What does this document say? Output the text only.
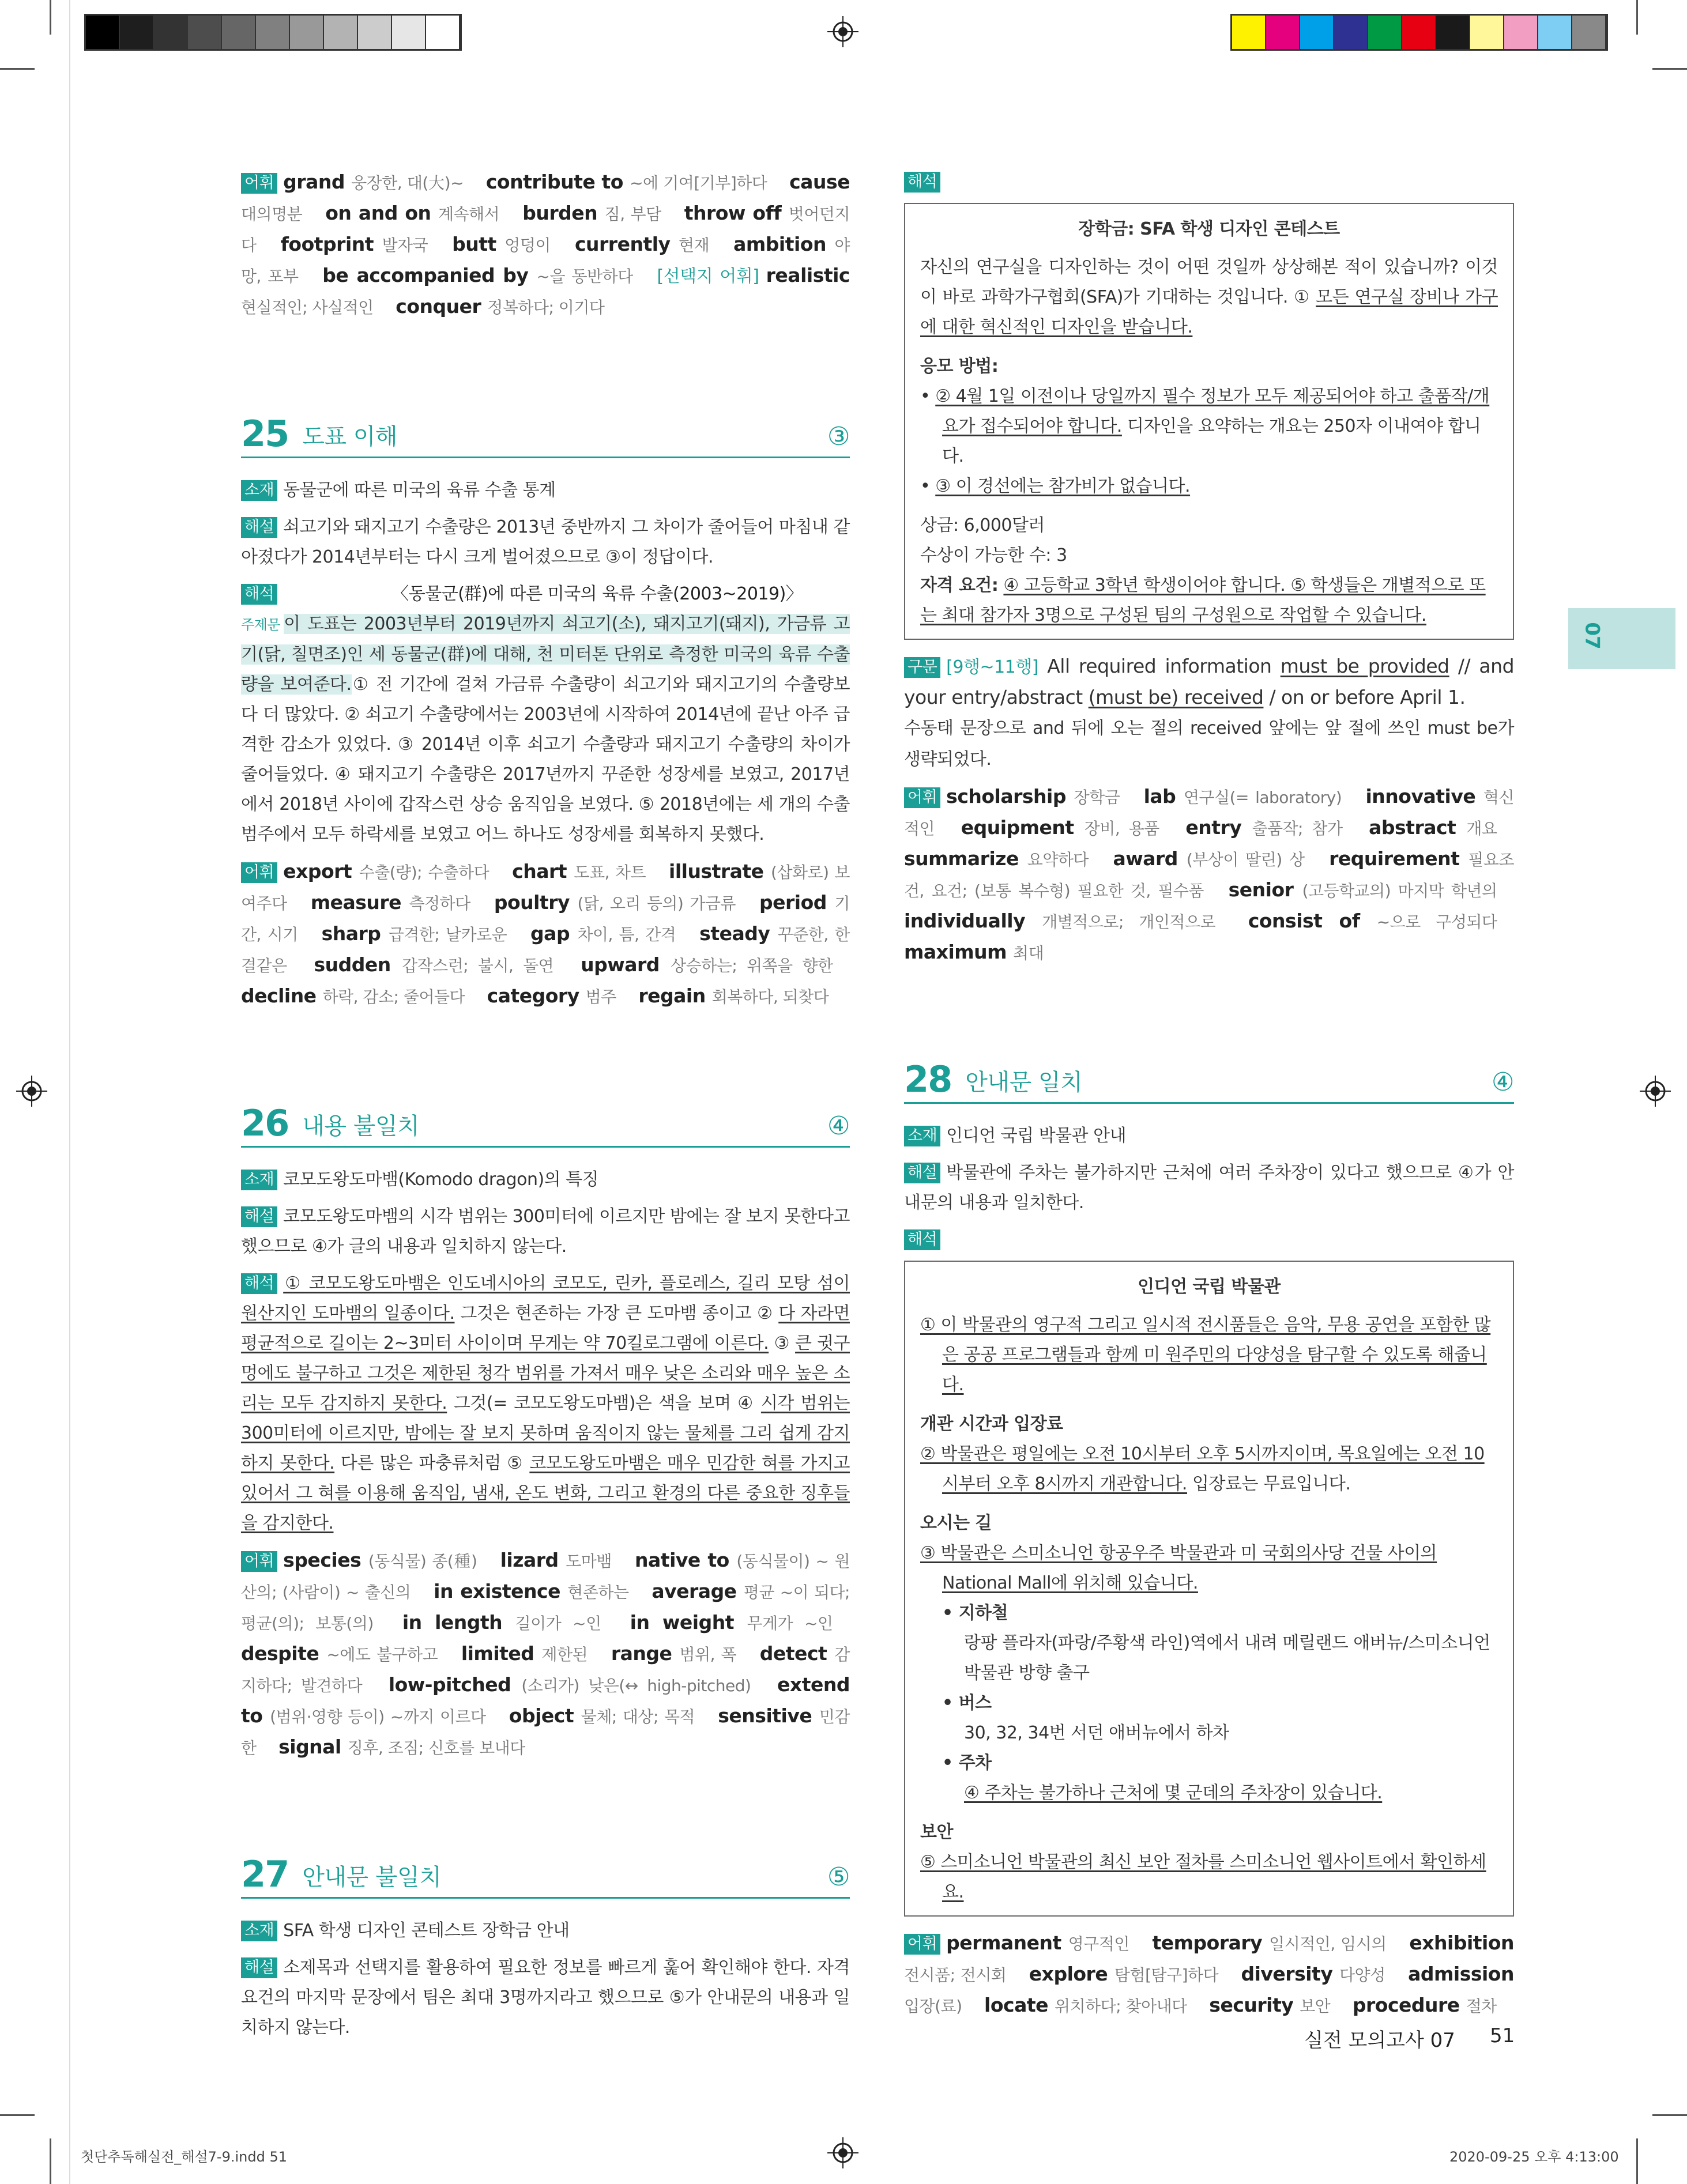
어휘 grand 웅장한, 대(大)~  contribute to ~에 기여[기부]하다  cause 대의명분  on and on 계속해서  burden 짐, 부담  throw off 벗어던지다  footprint 발자국  butt 엉덩이  currently 현재  ambition 야망, 포부  be accompanied by ~을 동반하다  [선택지 어휘] realistic 현실적인; 사실적인  conquer 정복하다; 이기다 
25 도표 이해	③
소재 동물군에 따른 미국의 육류 수출 통계
해설 쇠고기와 돼지고기 수출량은 2013년 중반까지 그 차이가 줄어들어 마침내 같아졌다가 2014년부터는 다시 크게 벌어졌으므로 ③이 정답이다.
해석	〈동물군(群)에 따른 미국의 육류 수출(2003~2019)〉
주제문 이 도표는 2003년부터 2019년까지 쇠고기(소), 돼지고기(돼지), 가금류 고기(닭, 칠면조)인 세 동물군(群)에 대해, 천 미터톤 단위로 측정한 미국의 육류 수출량을 보여준다.① 전 기간에 걸쳐 가금류 수출량이 쇠고기와 돼지고기의 수출량보다 더 많았다. ② 쇠고기 수출량에서는 2003년에 시작하여 2014년에 끝난 아주 급격한 감소가 있었다. ③ 2014년 이후 쇠고기 수출량과 돼지고기 수출량의 차이가 줄어들었다. ④ 돼지고기 수출량은 2017년까지 꾸준한 성장세를 보였고, 2017년에서 2018년 사이에 갑작스런 상승 움직임을 보였다. ⑤ 2018년에는 세 개의 수출 범주에서 모두 하락세를 보였고 어느 하나도 성장세를 회복하지 못했다.
어휘 export 수출(량); 수출하다  chart 도표, 차트  illustrate (삽화로) 보여주다  measure 측정하다  poultry (닭, 오리 등의) 가금류  period 기간, 시기  sharp 급격한; 날카로운  gap 차이, 틈, 간격  steady 꾸준한, 한결같은  sudden 갑작스런; 불시, 돌연  upward 상승하는; 위쪽을 향한  decline 하락, 감소; 줄어들다  category 범주  regain 회복하다, 되찾다 
26 내용 불일치	④
소재 코모도왕도마뱀(Komodo dragon)의 특징
해설 코모도왕도마뱀의 시각 범위는 300미터에 이르지만 밤에는 잘 보지 못한다고 했으므로 ④가 글의 내용과 일치하지 않는다.
해석 ① 코모도왕도마뱀은 인도네시아의 코모도, 린카, 플로레스, 길리 모탕 섬이 원산지인 도마뱀의 일종이다. 그것은 현존하는 가장 큰 도마뱀 종이고 ② 다 자라면 평균적으로 길이는 2~3미터 사이이며 무게는 약 70킬로그램에 이른다. ③ 큰 귓구멍에도 불구하고 그것은 제한된 청각 범위를 가져서 매우 낮은 소리와 매우 높은 소리는 모두 감지하지 못한다. 그것(= 코모도왕도마뱀)은 색을 보며 ④ 시각 범위는 300미터에 이르지만, 밤에는 잘 보지 못하며 움직이지 않는 물체를 그리 쉽게 감지하지 못한다. 다른 많은 파충류처럼 ⑤ 코모도왕도마뱀은 매우 민감한 혀를 가지고 있어서 그 혀를 이용해 움직임, 냄새, 온도 변화, 그리고 환경의 다른 중요한 징후들을 감지한다.
어휘 species (동식물) 종(種)  lizard 도마뱀  native to (동식물이) ~ 원산의; (사람이) ~ 출신의  in existence 현존하는  average 평균 ~이 되다; 평균(의); 보통(의)  in length 길이가 ~인  in weight 무게가 ~인  despite ~에도 불구하고  limited 제한된  range 범위, 폭  detect 감지하다; 발견하다  low-pitched (소리가) 낮은(↔ high-pitched)  extend to (범위·영향 등이) ~까지 이르다  object 물체; 대상; 목적  sensitive 민감한  signal 징후, 조짐; 신호를 보내다 
27 안내문 불일치	⑤
소재 SFA 학생 디자인 콘테스트 장학금 안내
해설 소제목과 선택지를 활용하여 필요한 정보를 빠르게 훑어 확인해야 한다. 자격 요건의 마지막 문장에서 팀은 최대 3명까지라고 했으므로 ⑤가 안내문의 내용과 일치하지 않는다.
해석
장학금: SFA 학생 디자인 콘테스트
자신의 연구실을 디자인하는 것이 어떤 것일까 상상해본 적이 있습니까? 이것이 바로 과학가구협회(SFA)가 기대하는 것입니다. ① 모든 연구실 장비나 가구에 대한 혁신적인 디자인을 받습니다.
응모 방법:
• ② 4월 1일 이전이나 당일까지 필수 정보가 모두 제공되어야 하고 출품작/개요가 접수되어야 합니다. 디자인을 요약하는 개요는 250자 이내여야 합니다.
• ③ 이 경선에는 참가비가 없습니다.
상금: 6,000달러
수상이 가능한 수: 3
자격 요건: ④ 고등학교 3학년 학생이어야 합니다. ⑤ 학생들은 개별적으로 또는 최대 참가자 3명으로 구성된 팀의 구성원으로 작업할 수 있습니다.
구문 [9행~11행] All required information must be provided // and your entry/abstract (must be) received / on or before April 1.
수동태 문장으로 and 뒤에 오는 절의 received 앞에는 앞 절에 쓰인 must be가 생략되었다.
어휘 scholarship 장학금  lab 연구실(= laboratory)  innovative 혁신적인  equipment 장비, 용품  entry 출품작; 참가  abstract 개요  summarize 요약하다  award (부상이 딸린) 상  requirement 필요조건, 요건; (보통 복수형) 필요한 것, 필수품  senior (고등학교의) 마지막 학년의  individually 개별적으로; 개인적으로  consist of ~으로 구성되다  maximum 최대 
28 안내문 일치	④
소재 인디언 국립 박물관 안내
해설 박물관에 주차는 불가하지만 근처에 여러 주차장이 있다고 했으므로 ④가 안내문의 내용과 일치한다.
해석
인디언 국립 박물관
① 이 박물관의 영구적 그리고 일시적 전시품들은 음악, 무용 공연을 포함한 많은 공공 프로그램들과 함께 미 원주민의 다양성을 탐구할 수 있도록 해줍니다.
개관 시간과 입장료
② 박물관은 평일에는 오전 10시부터 오후 5시까지이며, 목요일에는 오전 10시부터 오후 8시까지 개관합니다. 입장료는 무료입니다.
오시는 길
③ 박물관은 스미소니언 항공우주 박물관과 미 국회의사당 건물 사이의 National Mall에 위치해 있습니다.
• 지하철
랑팡 플라자(파랑/주황색 라인)역에서 내려 메릴랜드 애버뉴/스미소니언 박물관 방향 출구
• 버스
30, 32, 34번 서던 애버뉴에서 하차
• 주차
④ 주차는 불가하나 근처에 몇 군데의 주차장이 있습니다.
보안
⑤ 스미소니언 박물관의 최신 보안 절차를 스미소니언 웹사이트에서 확인하세요.
어휘 permanent 영구적인  temporary 일시적인, 임시의  exhibition 전시품; 전시회  explore 탐험[탐구]하다  diversity 다양성  admission 입장(료)  locate 위치하다; 찾아내다  security 보안  procedure 절차 
07
실전 모의고사 07 51
첫단추독해실전_해설7-9.indd 51	2020-09-25 오후 4:13:00
